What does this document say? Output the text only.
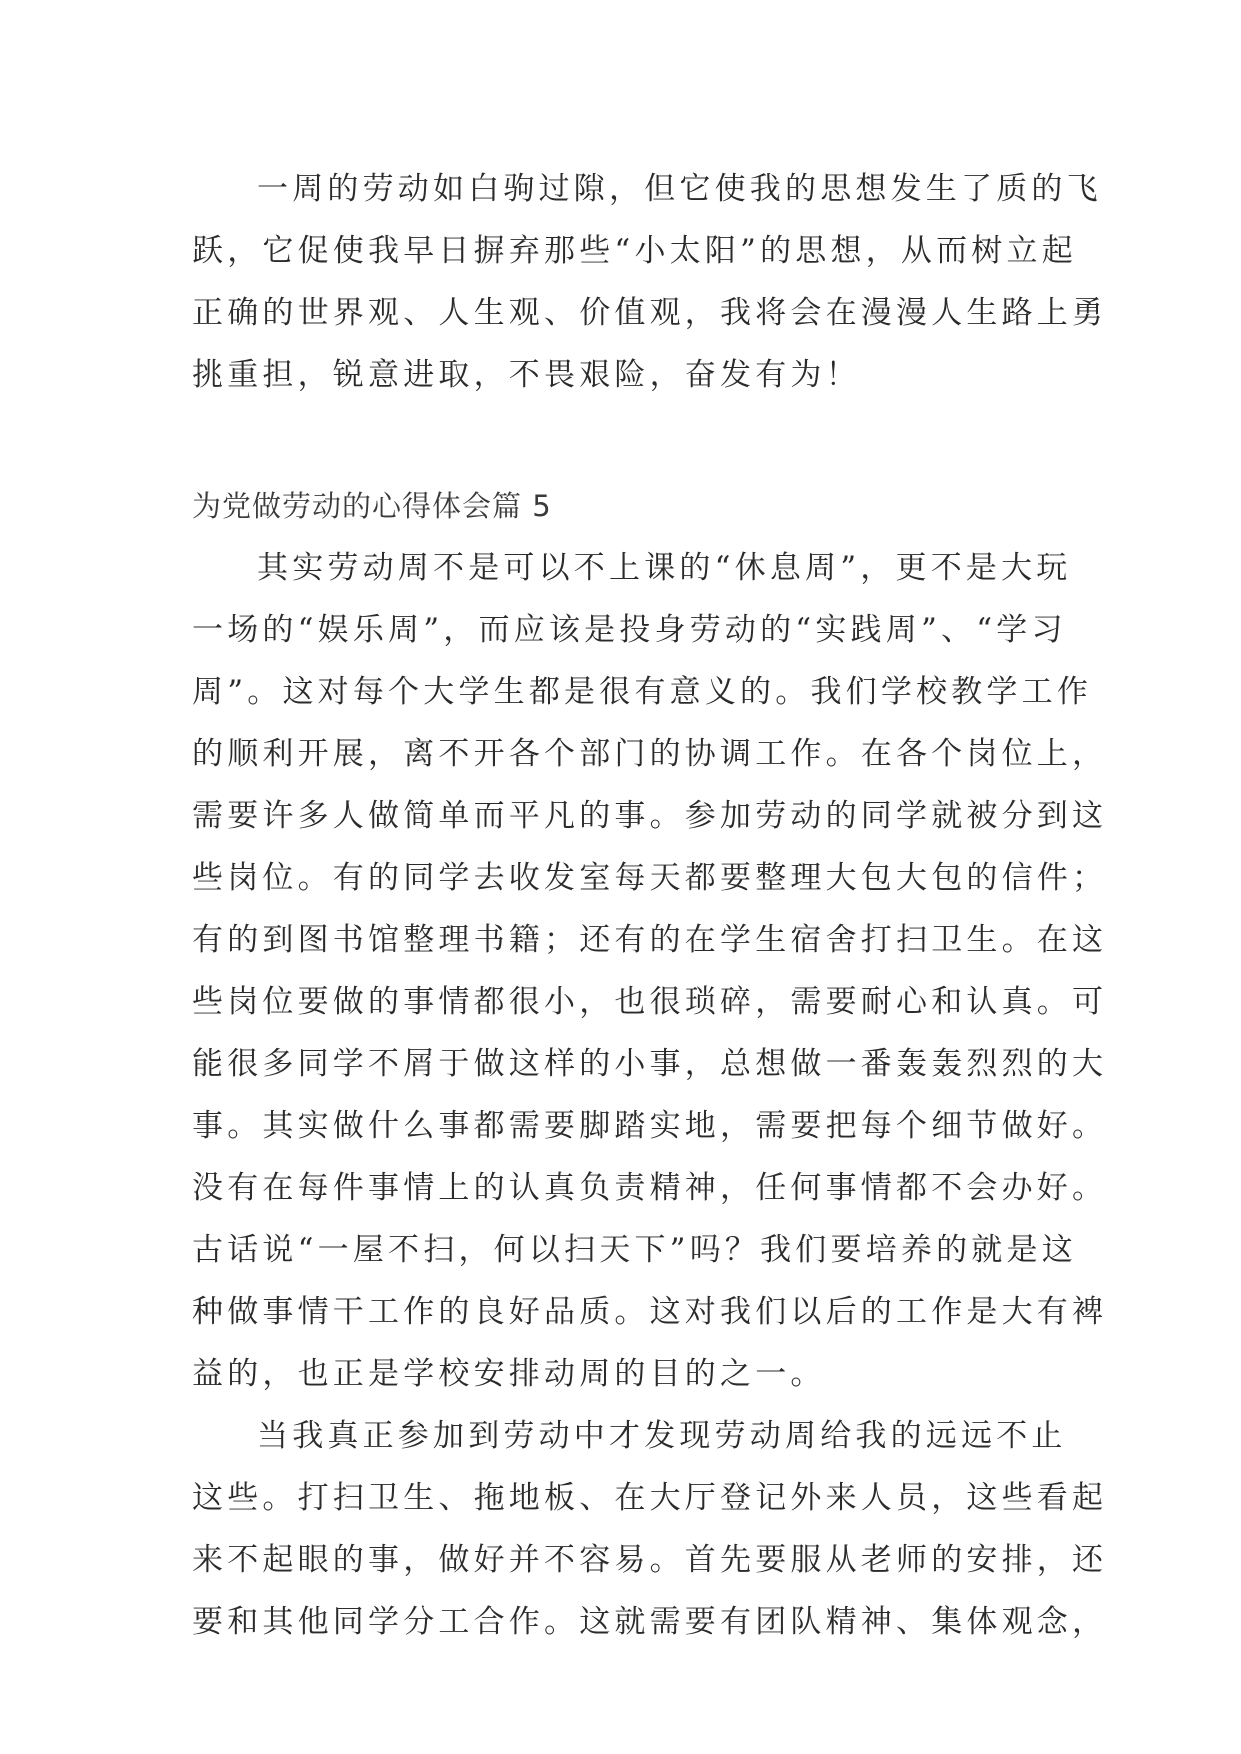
一周的劳动如白驹过隙，但它使我的思想发生了质的飞
跃，它促使我早日摒弃那些“小太阳”的思想，从而树立起
正确的世界观、人生观、价值观，我将会在漫漫人生路上勇
挑重担，锐意进取，不畏艰险，奋发有为！
为党做劳动的心得体会篇 5
其实劳动周不是可以不上课的“休息周”，更不是大玩
一场的“娱乐周”，而应该是投身劳动的“实践周”、“学习
周”。这对每个大学生都是很有意义的。我们学校教学工作
的顺利开展，离不开各个部门的协调工作。在各个岗位上，
需要许多人做简单而平凡的事。参加劳动的同学就被分到这
些岗位。有的同学去收发室每天都要整理大包大包的信件；
有的到图书馆整理书籍；还有的在学生宿舍打扫卫生。在这
些岗位要做的事情都很小，也很琐碎，需要耐心和认真。可
能很多同学不屑于做这样的小事，总想做一番轰轰烈烈的大
事。其实做什么事都需要脚踏实地，需要把每个细节做好。
没有在每件事情上的认真负责精神，任何事情都不会办好。
古话说“一屋不扫，何以扫天下”吗？我们要培养的就是这
种做事情干工作的良好品质。这对我们以后的工作是大有裨
益的，也正是学校安排动周的目的之一。
当我真正参加到劳动中才发现劳动周给我的远远不止
这些。打扫卫生、拖地板、在大厅登记外来人员，这些看起
来不起眼的事，做好并不容易。首先要服从老师的安排，还
要和其他同学分工合作。这就需要有团队精神、集体观念，
